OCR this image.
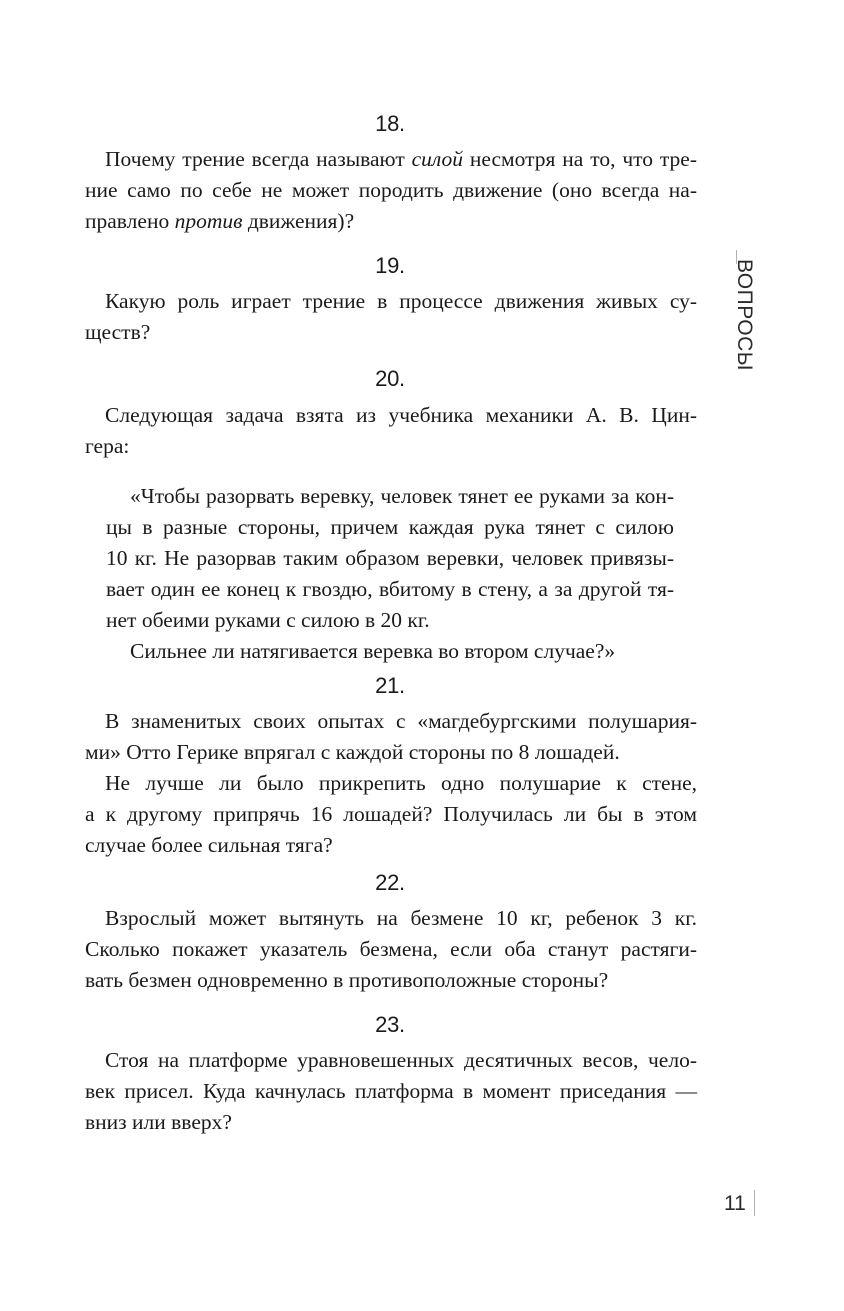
18.
Почему трение всегда называют силой несмотря на то, что тре-
ние само по себе не может породить движение (оно всегда на-
правлено против движения)?
19.
Какую роль играет трение в процессе движения живых су-
ществ?
20.
Следующая задача взята из учебника механики А. В. Цин-
гера:
«Чтобы разорвать веревку, человек тянет ее руками за кон-
цы в разные стороны, причем каждая рука тянет с силою
10 кг. Не разорвав таким образом веревки, человек привязы-
вает один ее конец к гвоздю, вбитому в стену, а за другой тя-
нет обеими руками с силою в 20 кг.
Сильнее ли натягивается веревка во втором случае?»
21.
В знаменитых своих опытах с «магдебургскими полушария-
ми» Отто Герике впрягал с каждой стороны по 8 лошадей.
Не лучше ли было прикрепить одно полушарие к стене,
а к другому припрячь 16 лошадей? Получилась ли бы в этом
случае более сильная тяга?
22.
Взрослый может вытянуть на безмене 10 кг, ребенок 3 кг.
Сколько покажет указатель безмена, если оба станут растяги-
вать безмен одновременно в противоположные стороны?
23.
Стоя на платформе уравновешенных десятичных весов, чело-
век присел. Куда качнулась платформа в момент приседания —
вниз или вверх?
ВОПРОСЫ
11
